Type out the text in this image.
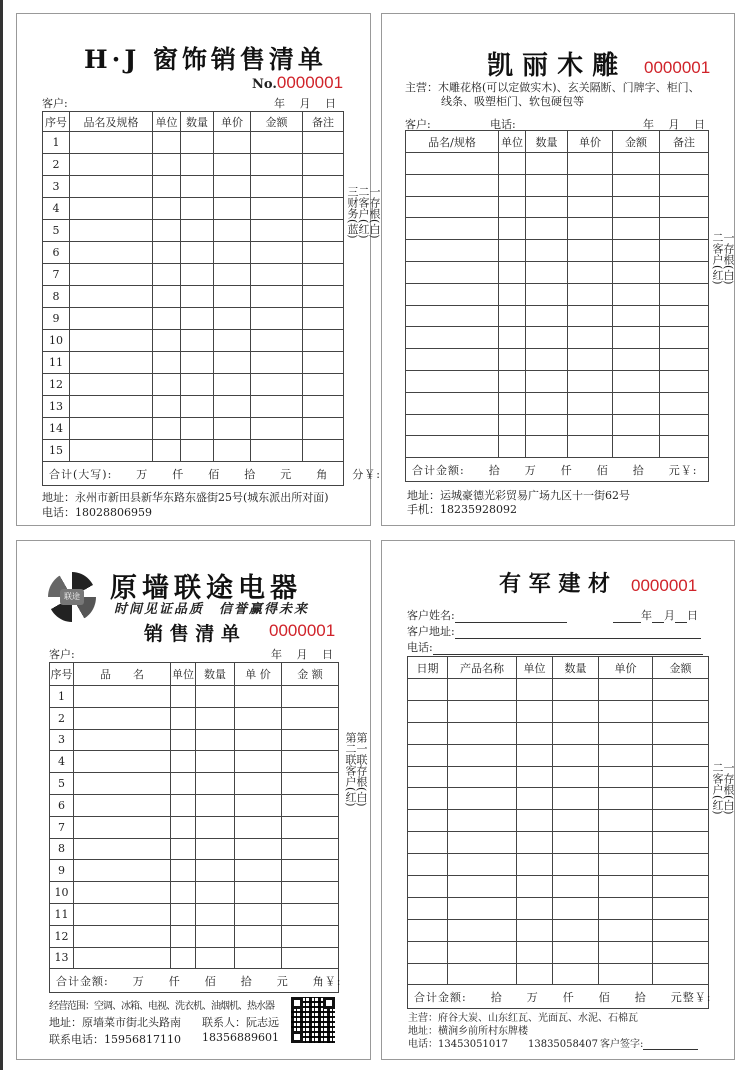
H·J 窗饰销售清单
No.0000001
客户:	年　 月　 日
序号	品名及规格	单位	数量	单价	金额	备注
1						
2						
3						
4						
5						
6						
7						
8						
9						
10						
11						
12						
13						
14						
15						
合计(大写):　　万　　仟　　佰　　拾　　元　　角　　分￥:						
地址：永州市新田县新华东路东盛街25号(城东派出所对面)
电话：18028806959
一存根(白)
二客户(红)
三财务(蓝)
凯 丽 木 雕 0000001
主营：木雕花格(可以定做实木)、玄关隔断、门牌字、柜门、
线条、吸塑柜门、软包硬包等
客户:	电话:	年　 月　 日
品名/规格	单位	数量	单价	金额	备注

合计金额:　　拾　　万　　仟　　佰　　拾　　元￥:					
地址：运城豪德光彩贸易广场九区十一街62号
手机：18235928092
一存根(白)
二客户(红)
联途 原墙联途电器
时间见证品质　信誉赢得未来
销 售 清 单 0000001
客户:	年　 月　 日
序号	品　　名	单位	数量	单 价	金 额
1					
2					
3					
4					
5					
6					
7					
8					
9					
10					
11					
12					
13					
合计金额:　　万　　仟　　佰　　拾　　元　　角￥:					
经营范围：空调、冰箱、电视、洗衣机、油烟机、热水器
地址：原墙菜市街北头路南 联系人：阮志远
联系电话：15956817110 18356889601
第一联存根(白)
第二联客户(红)
有 军 建 材 0000001
客户姓名:	年 月 日
客户地址:
电话:
日期	产品名称	单位	数量	单价	金额

合计金额:　　拾　　万　　仟　　佰　　拾　　元整￥:					
主营：府谷大炭、山东红瓦、光面瓦、水泥、石棉瓦
地址：横涧乡前所村东牌楼
电话：13453051017　　13835058407 客户签字:
一存根(白)
二客户(红)
